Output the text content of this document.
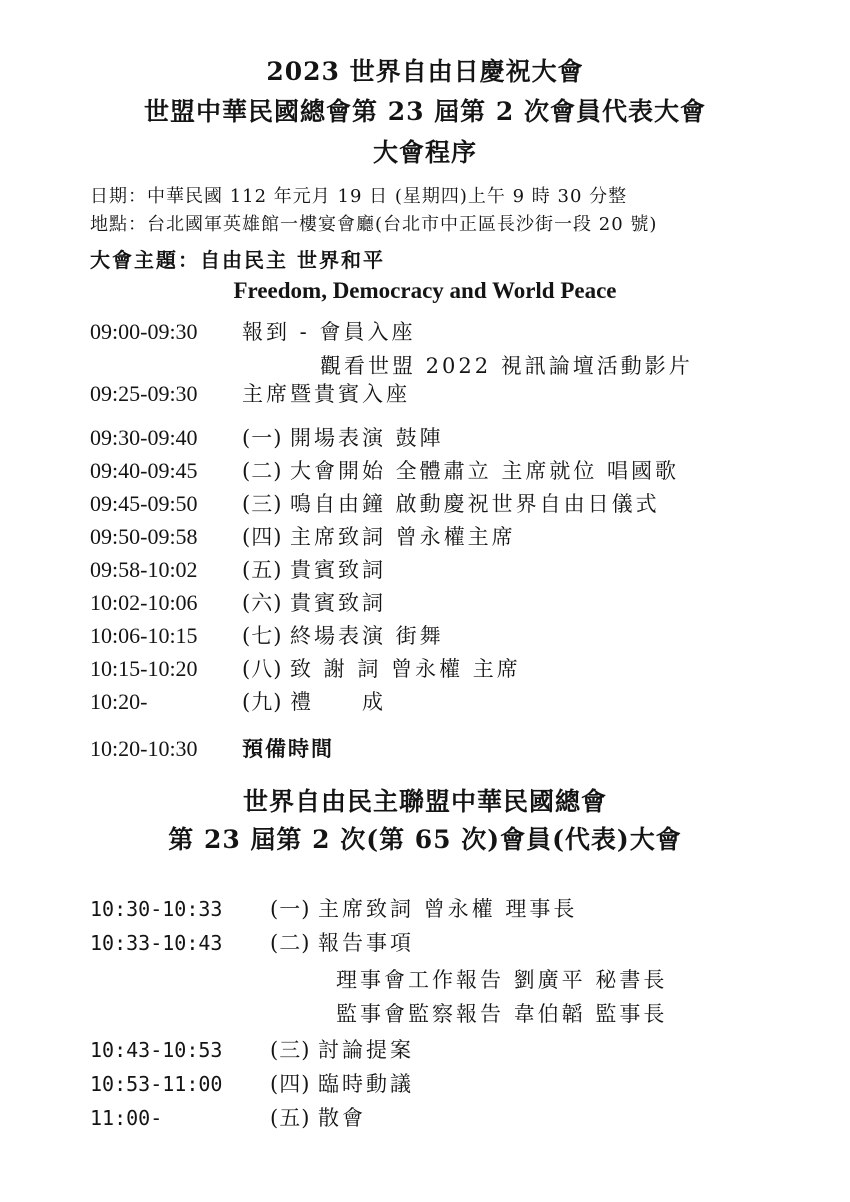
2023 世界自由日慶祝大會
世盟中華民國總會第 23 屆第 2 次會員代表大會
大會程序
日期：中華民國 112 年元月 19 日 (星期四)上午 9 時 30 分整
地點：台北國軍英雄館一樓宴會廳(台北市中正區長沙街一段 20 號)
大會主題：自由民主 世界和平
Freedom, Democracy and World Peace
09:00-09:30 報到 - 會員入座
觀看世盟 2022 視訊論壇活動影片
09:25-09:30 主席暨貴賓入座
09:30-09:40 (一) 開場表演 鼓陣
09:40-09:45 (二) 大會開始 全體肅立 主席就位 唱國歌
09:45-09:50 (三) 鳴自由鐘 啟動慶祝世界自由日儀式
09:50-09:58 (四) 主席致詞 曾永權主席
09:58-10:02 (五) 貴賓致詞
10:02-10:06 (六) 貴賓致詞
10:06-10:15 (七) 終場表演 街舞
10:15-10:20 (八) 致 謝 詞 曾永權 主席
10:20-	(九) 禮　　成
10:20-10:30 預備時間
世界自由民主聯盟中華民國總會
第 23 屆第 2 次(第 65 次)會員(代表)大會
10:30-10:33 (一) 主席致詞 曾永權 理事長
10:33-10:43 (二) 報告事項
理事會工作報告 劉廣平 秘書長
監事會監察報告 韋伯韜 監事長
10:43-10:53 (三) 討論提案
10:53-11:00 (四) 臨時動議
11:00-	(五) 散會
